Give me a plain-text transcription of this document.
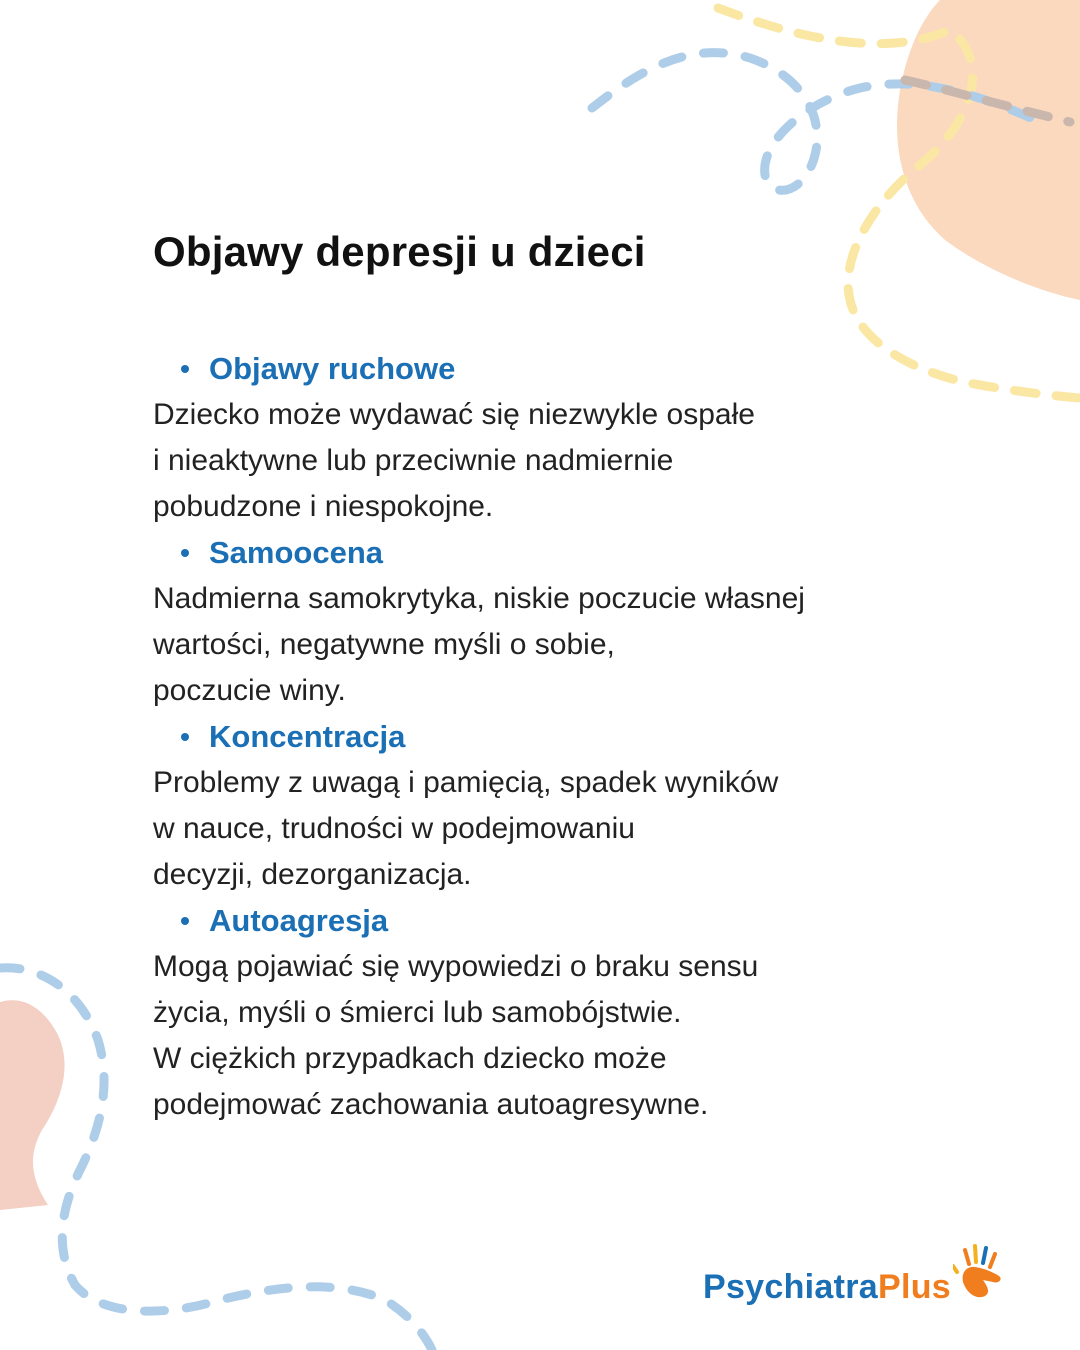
Objawy depresji u dzieci
Objawy ruchowe

Dziecko może wydawać się niezwykle ospałe
i nieaktywne lub przeciwnie nadmiernie
pobudzone i niespokojne.

Samoocena

Nadmierna samokrytyka, niskie poczucie własnej
wartości, negatywne myśli o sobie,
poczucie winy.

Koncentracja

Problemy z uwagą i pamięcią, spadek wyników
w nauce, trudności w podejmowaniu
decyzji, dezorganizacja.

Autoagresja

Mogą pojawiać się wypowiedzi o braku sensu
życia, myśli o śmierci lub samobójstwie.
W ciężkich przypadkach dziecko może
podejmować zachowania autoagresywne.

PsychiatraPlus
